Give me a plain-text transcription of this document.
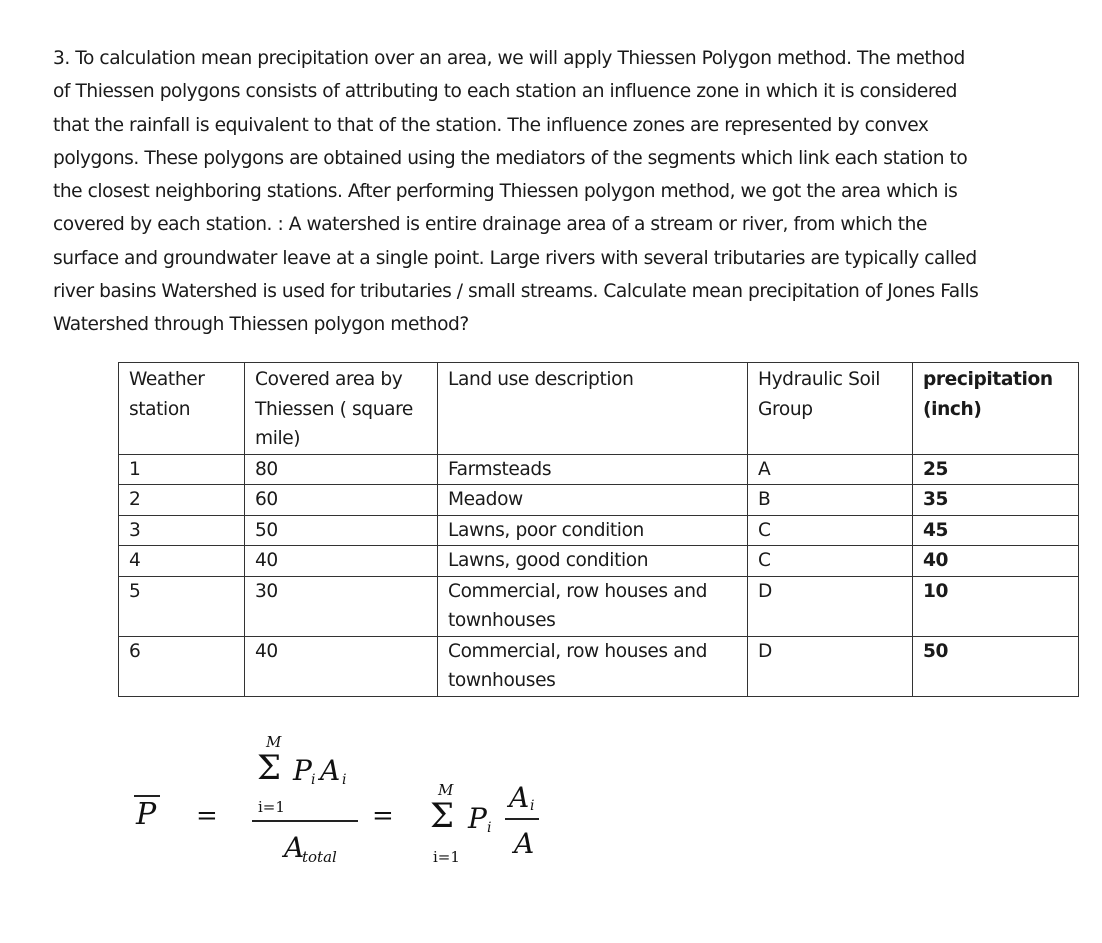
3. To calculation mean precipitation over an area, we will apply Thiessen Polygon method. The method
of Thiessen polygons consists of attributing to each station an influence zone in which it is considered
that the rainfall is equivalent to that of the station. The influence zones are represented by convex
polygons. These polygons are obtained using the mediators of the segments which link each station to
the closest neighboring stations. After performing Thiessen polygon method, we got the area which is
covered by each station. : A watershed is entire drainage area of a stream or river, from which the
surface and groundwater leave at a single point. Large rivers with several tributaries are typically called
river basins Watershed is used for tributaries / small streams. Calculate mean precipitation of Jones Falls
Watershed through Thiessen polygon method?
Weather station	Covered area by Thiessen ( square mile)	Land use description	Hydraulic Soil Group	precipitation (inch)
1	80	Farmsteads	A	25
2	60	Meadow	B	35
3	50	Lawns, poor condition	C	45
4	40	Lawns, good condition	C	40
5	30	Commercial, row houses and townhouses	D	10
6	40	Commercial, row houses and townhouses	D	50
P =
M
Σ P i A i
i=1
A
total
=
M
Σ
i=1
P i
A i
A
